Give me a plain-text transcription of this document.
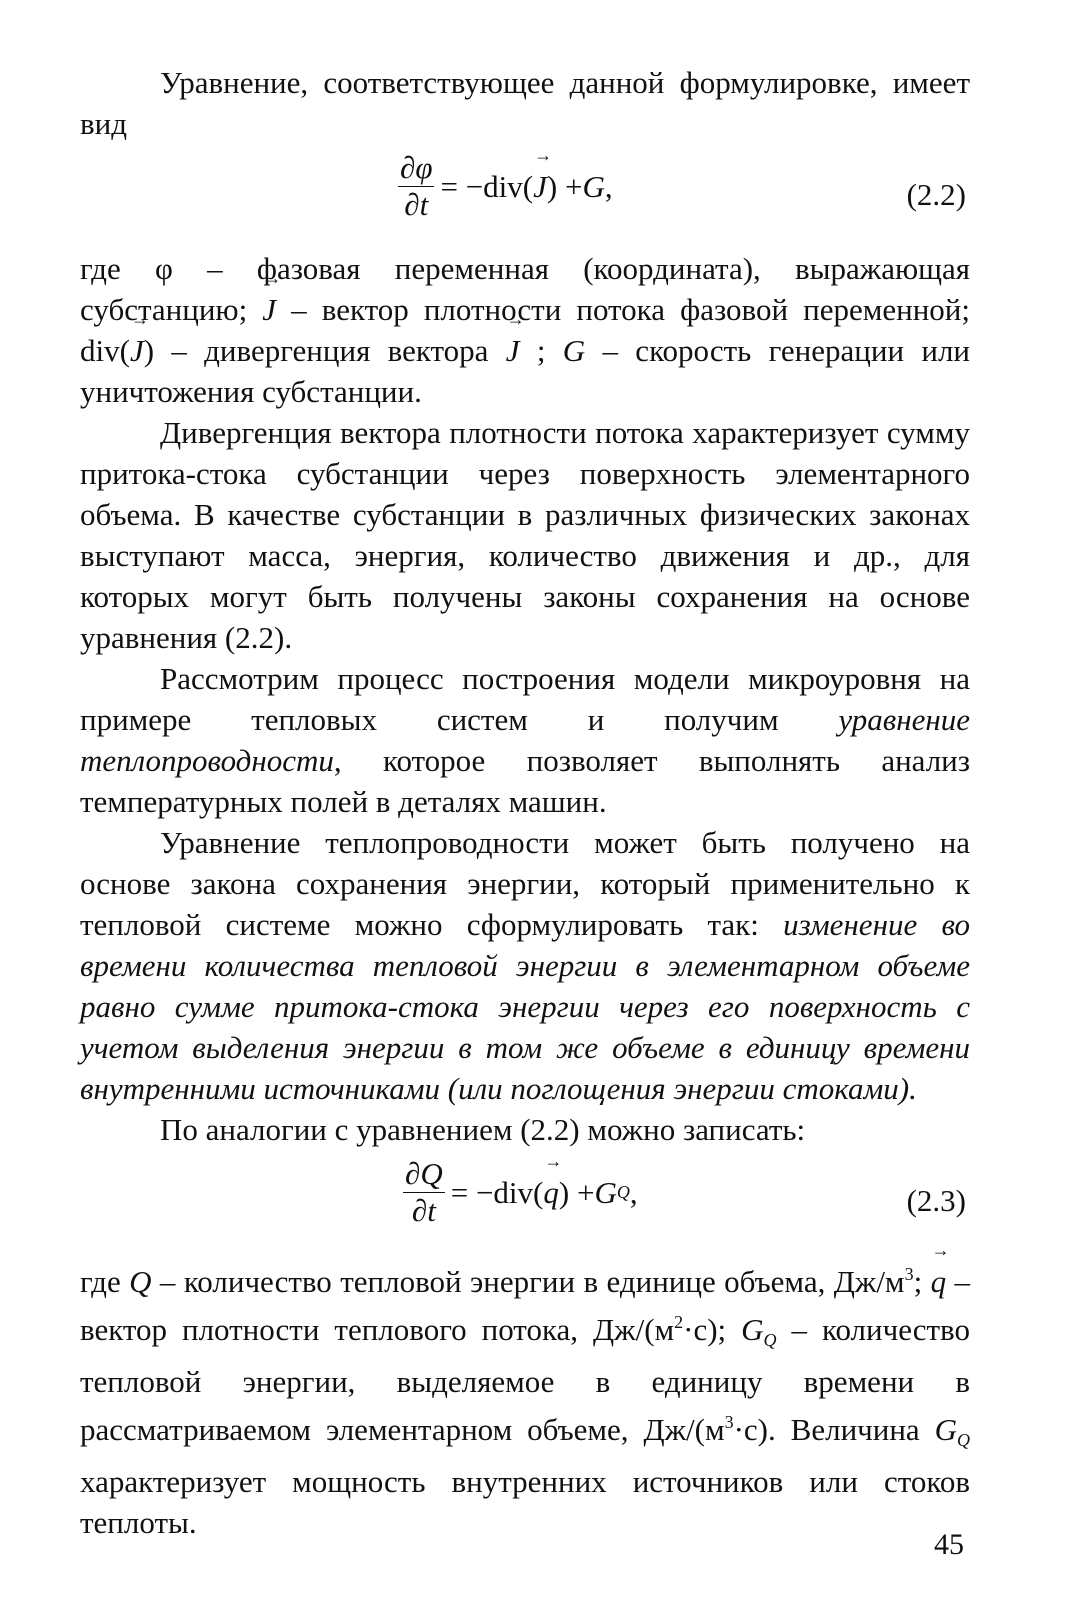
Уравнение, соответствующее данной формулировке, имеет вид

$\frac{\partial\varphi}{\partial t} = -div$(
→ J ) + G ,	(2.2)

где φ – фазовая переменная (координата), выражающая субстанцию; → J – вектор плотности потока фазовой переменной; div(→ J) – дивергенция вектора → J ; G – скорость генерации или уничтожения субстанции.

Дивергенция вектора плотности потока характеризует сумму притока-стока субстанции через поверхность элементарного объема. В качестве субстанции в различных физических законах выступают масса, энергия, количество движения и др., для которых могут быть получены законы сохранения на основе уравнения (2.2).

Рассмотрим процесс построения модели микроуровня на примере тепловых систем и получим уравнение теплопроводности, которое позволяет выполнять анализ температурных полей в деталях машин.

Уравнение теплопроводности может быть получено на основе закона сохранения энергии, который применительно к тепловой системе можно сформулировать так: изменение во времени количества тепловой энергии в элементарном объеме равно сумме притока-стока энергии через его поверхность с учетом выделения энергии в том же объеме в единицу времени внутренними источниками (или поглощения энергии стоками).

По аналогии с уравнением (2.2) можно записать:

$\frac{\partial Q}{\partial t} = -div$(
→ q ) + G Q ,	(2.3)

где Q – количество тепловой энергии в единице объема, $Дж/м^3$; → q – вектор плотности теплового потока, $Дж/(м^2\cdot с)$; $G_Q$ – количество тепловой энергии, выделяемое в единицу времени в рассматриваемом элементарном объеме, $Дж/(м^3\cdot с)$. Величина $G_Q$ характеризует мощность внутренних источников или стоков теплоты.

45
